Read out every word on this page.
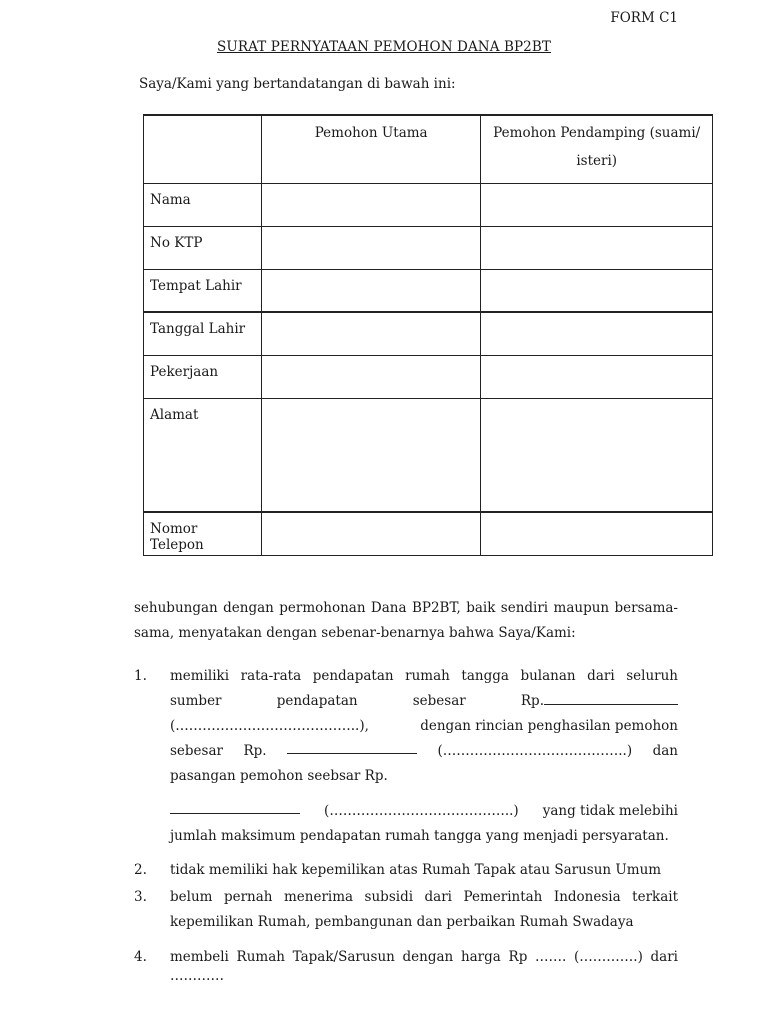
FORM C1
SURAT PERNYATAAN PEMOHON DANA BP2BT
Saya/Kami yang bertandatangan di bawah ini:
	Pemohon Utama	Pemohon Pendamping (suami/
isteri)
Nama		
No KTP		
Tempat Lahir		
Tanggal Lahir		
Pekerjaan		
Alamat		
Nomor Telepon		
sehubungan dengan permohonan Dana BP2BT, baik sendiri maupun bersama-
sama, menyatakan dengan sebenar-benarnya bahwa Saya/Kami:
1.	memiliki rata-rata pendapatan rumah tangga bulanan dari seluruh
sumber	pendapatan	sebesar	Rp.
(…………………………………..),	dengan rincian penghasilan pemohon
sebesar Rp.	(…………………………………..) dan
pasangan pemohon seebsar Rp.
(…………………………………..) yang tidak melebihi
jumlah maksimum pendapatan rumah tangga yang menjadi persyaratan.
2.	tidak memiliki hak kepemilikan atas Rumah Tapak atau Sarusun Umum
3.	belum pernah menerima subsidi dari Pemerintah Indonesia terkait
kepemilikan Rumah, pembangunan dan perbaikan Rumah Swadaya
4.	membeli Rumah Tapak/Sarusun dengan harga Rp ……. (………….) dari
…………
